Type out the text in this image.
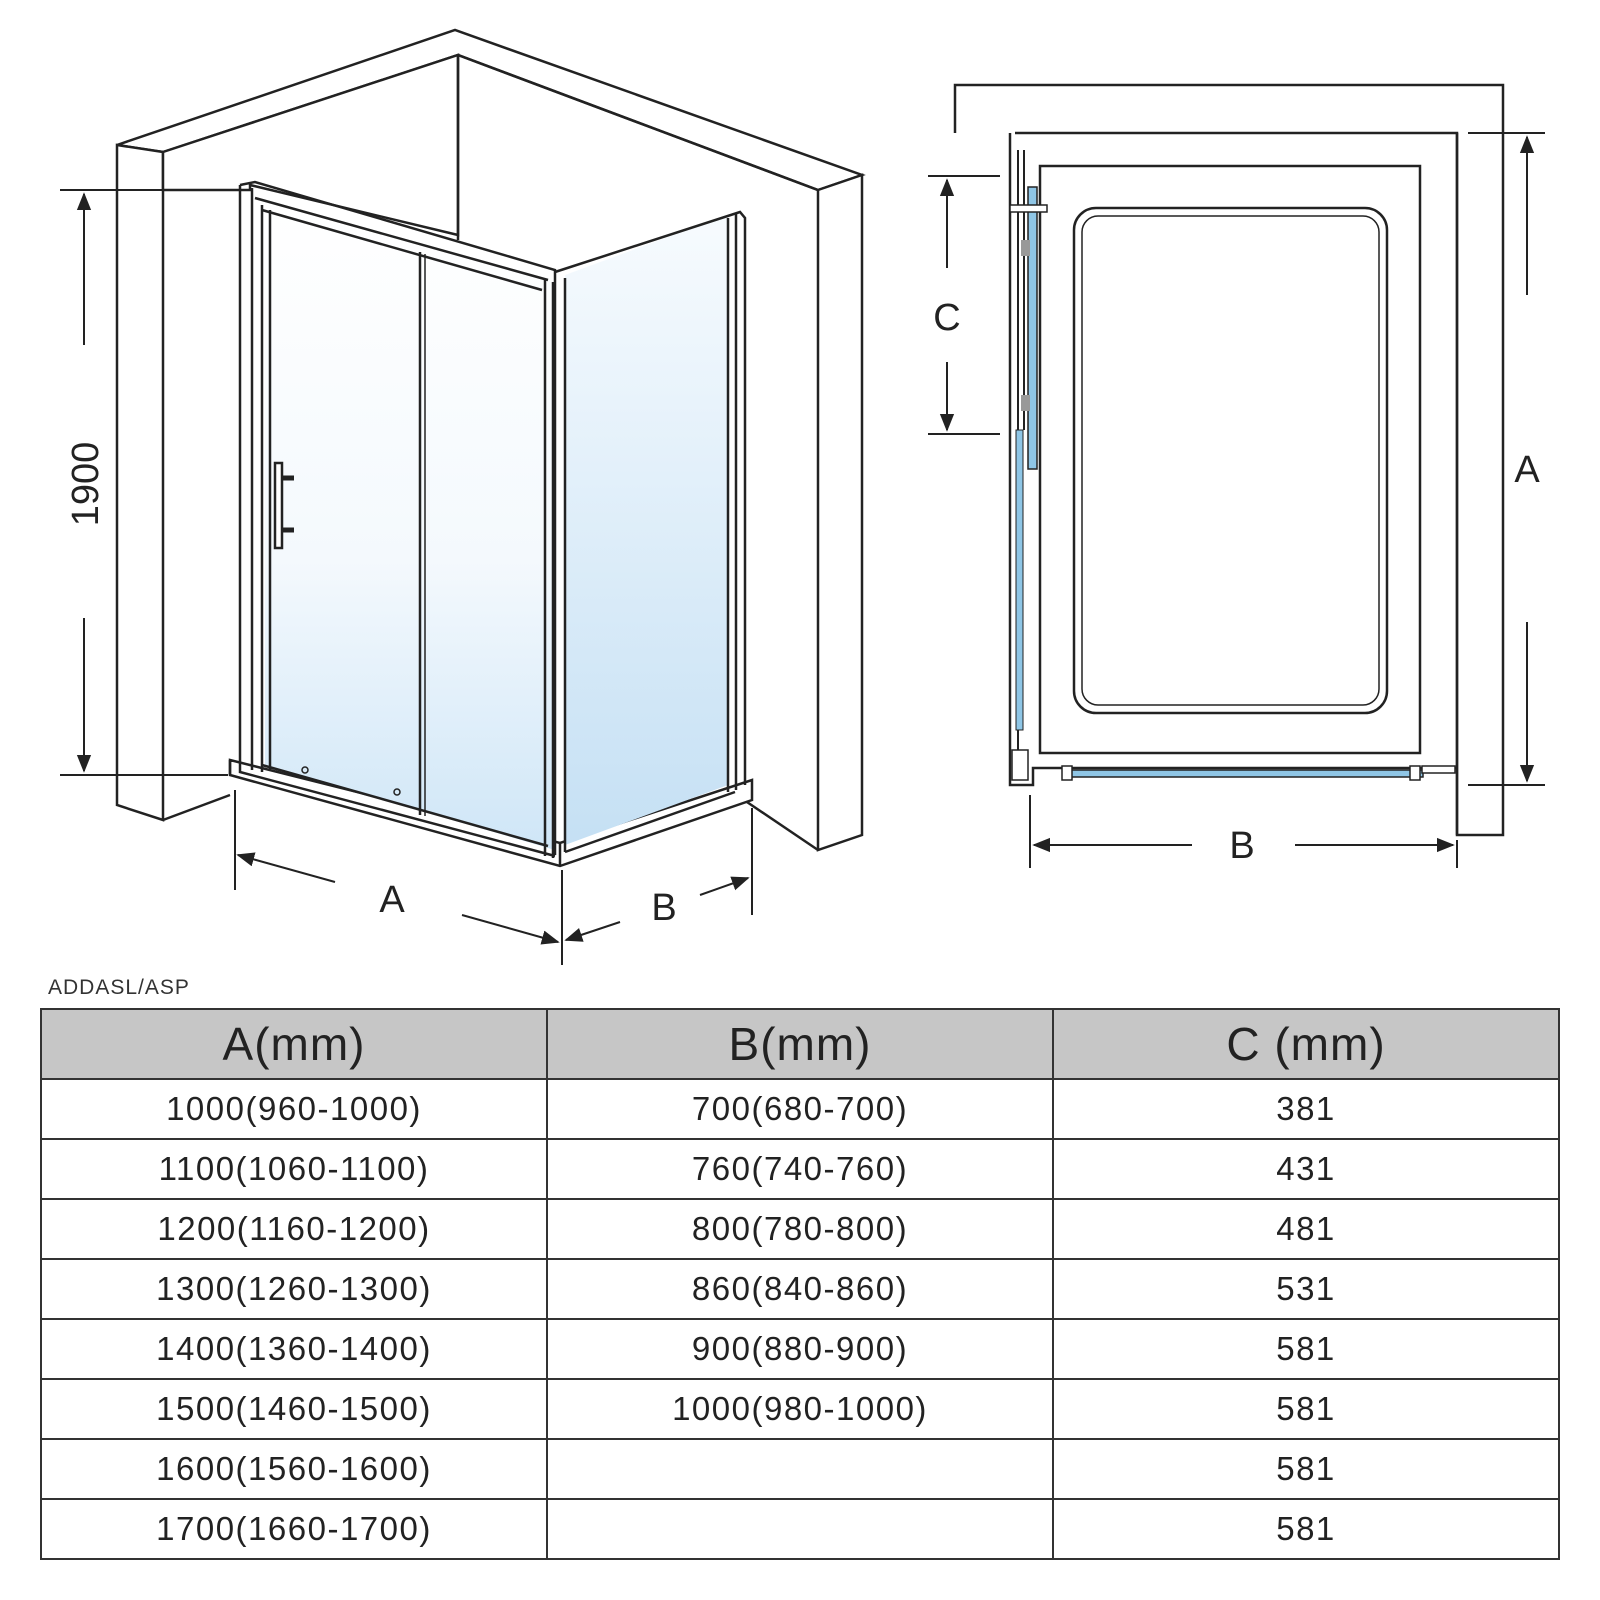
1900
A	B
C
A
B
ADDASL/ASP
A(mm)	B(mm)	C (mm)
1000(960-1000)	700(680-700)	381
1100(1060-1100)	760(740-760)	431
1200(1160-1200)	800(780-800)	481
1300(1260-1300)	860(840-860)	531
1400(1360-1400)	900(880-900)	581
1500(1460-1500)	1000(980-1000)	581
1600(1560-1600)		581
1700(1660-1700)		581
